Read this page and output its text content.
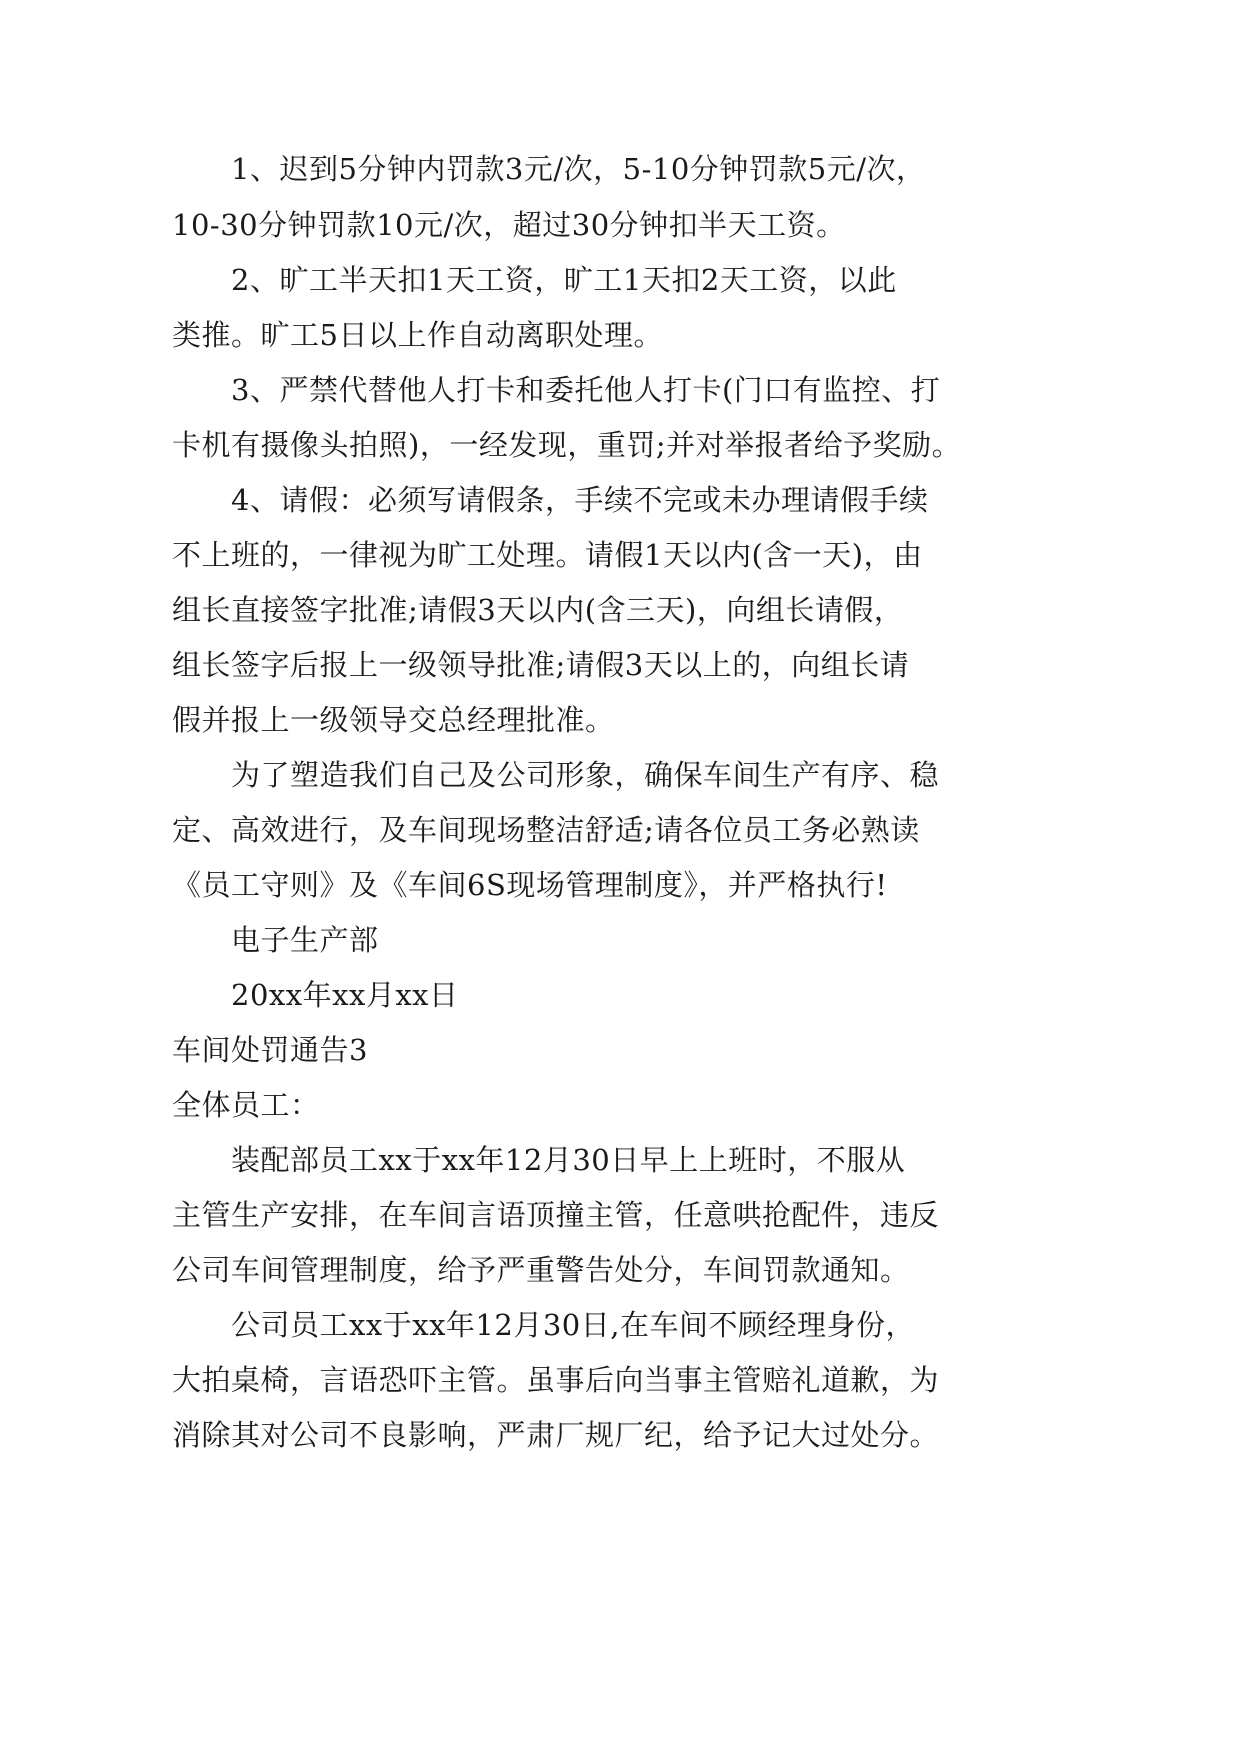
1、迟到5分钟内罚款3元/次，5-10分钟罚款5元/次，
10-30分钟罚款10元/次，超过30分钟扣半天工资。
2、旷工半天扣1天工资，旷工1天扣2天工资，以此
类推。旷工5日以上作自动离职处理。
3、严禁代替他人打卡和委托他人打卡(门口有监控、打
卡机有摄像头拍照)，一经发现，重罚;并对举报者给予奖励。
4、请假：必须写请假条，手续不完或未办理请假手续
不上班的，一律视为旷工处理。请假1天以内(含一天)，由
组长直接签字批准;请假3天以内(含三天)，向组长请假，
组长签字后报上一级领导批准;请假3天以上的，向组长请
假并报上一级领导交总经理批准。
为了塑造我们自己及公司形象，确保车间生产有序、稳
定、高效进行，及车间现场整洁舒适;请各位员工务必熟读
《员工守则》及《车间6S现场管理制度》，并严格执行!
电子生产部
20xx年xx月xx日
车间处罚通告3
全体员工：
装配部员工xx于xx年12月30日早上上班时，不服从
主管生产安排，在车间言语顶撞主管，任意哄抢配件，违反
公司车间管理制度，给予严重警告处分，车间罚款通知。
公司员工xx于xx年12月30日,在车间不顾经理身份，
大拍桌椅，言语恐吓主管。虽事后向当事主管赔礼道歉，为
消除其对公司不良影响，严肃厂规厂纪，给予记大过处分。
